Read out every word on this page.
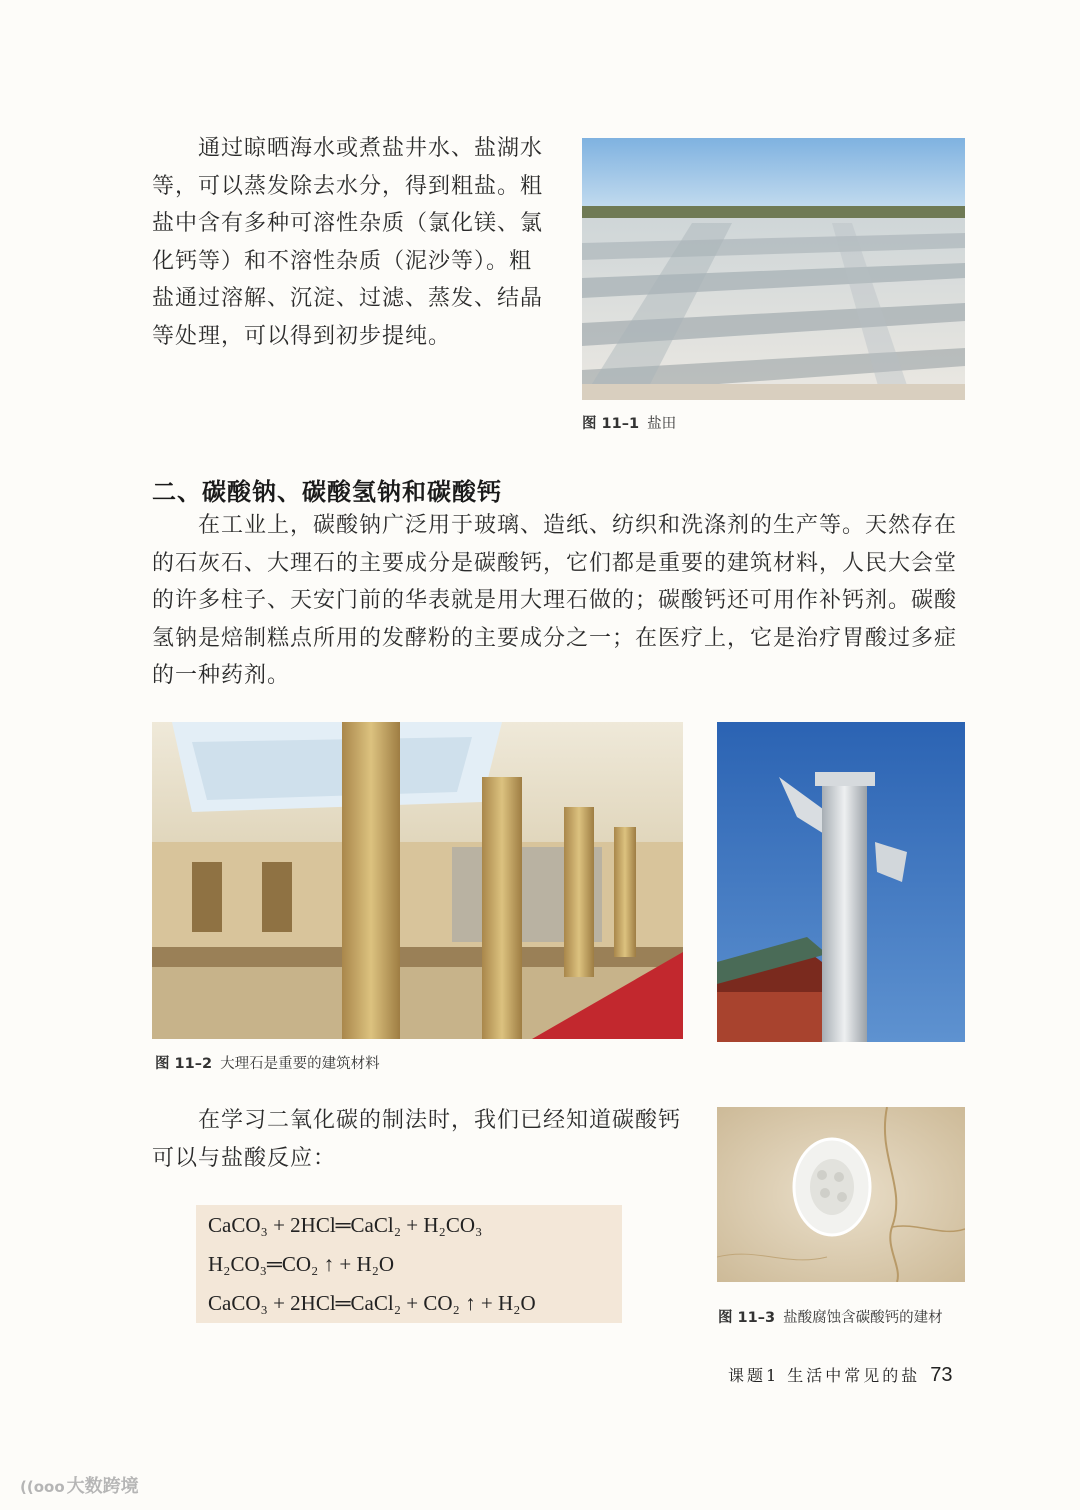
　　通过晾晒海水或煮盐井水、盐湖水等，可以蒸发除去水分，得到粗盐。粗盐中含有多种可溶性杂质（氯化镁、氯化钙等）和不溶性杂质（泥沙等）。粗盐通过溶解、沉淀、过滤、蒸发、结晶等处理，可以得到初步提纯。

图 11–1 盐田
二、碳酸钠、碳酸氢钠和碳酸钙

　　在工业上，碳酸钠广泛用于玻璃、造纸、纺织和洗涤剂的生产等。天然存在的石灰石、大理石的主要成分是碳酸钙，它们都是重要的建筑材料，人民大会堂的许多柱子、天安门前的华表就是用大理石做的；碳酸钙还可用作补钙剂。碳酸氢钠是焙制糕点所用的发酵粉的主要成分之一；在医疗上，它是治疗胃酸过多症的一种药剂。

图 11–2 大理石是重要的建筑材料

　　在学习二氧化碳的制法时，我们已经知道碳酸钙可以与盐酸反应：

CaCO₃ + 2HCl═CaCl₂ + H₂CO₃
H₂CO₃═CO₂ ↑ + H₂O
CaCO₃ + 2HCl═CaCl₂ + CO₂ ↑ + H₂O
图 11–3 盐酸腐蚀含碳酸钙的建材
课题1 生活中常见的盐 73
((ooo 大数跨境
